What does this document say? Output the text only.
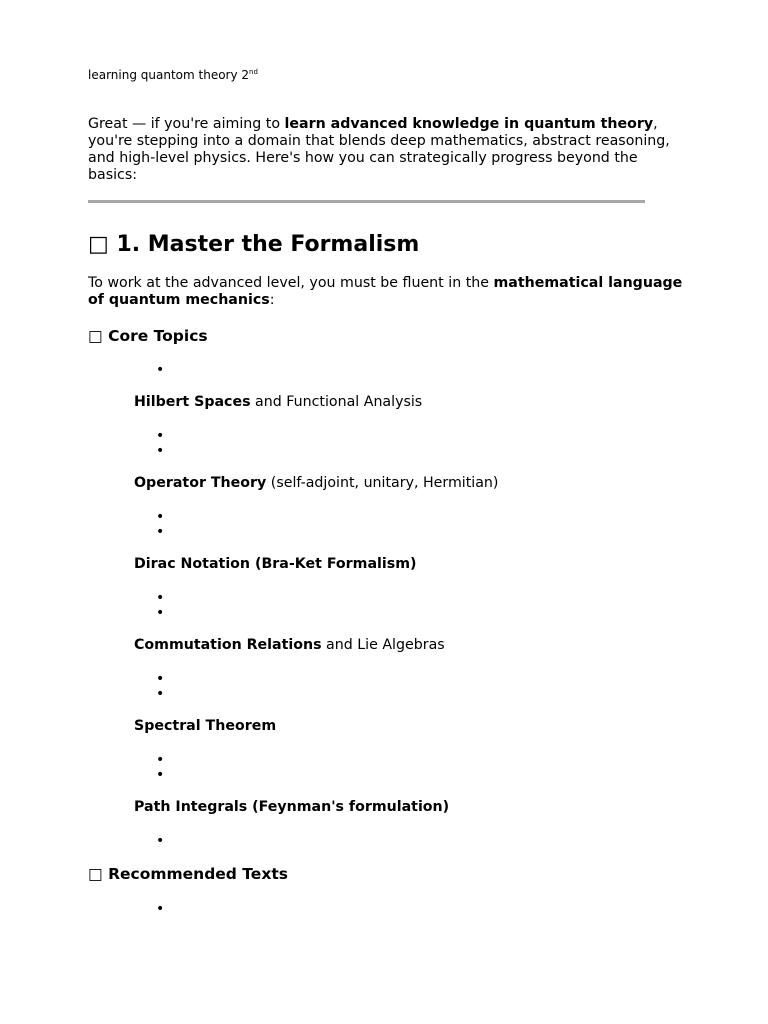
learning quantom theory 2nd

Great — if you're aiming to learn advanced knowledge in quantum theory, you're stepping into a domain that blends deep mathematics, abstract reasoning, and high-level physics. Here's how you can strategically progress beyond the basics:

□ 1. Master the Formalism

To work at the advanced level, you must be fluent in the mathematical language of quantum mechanics:

□ Core Topics
•
Hilbert Spaces and Functional Analysis
•
•
Operator Theory (self-adjoint, unitary, Hermitian)
•
•
Dirac Notation (Bra-Ket Formalism)
•
•
Commutation Relations and Lie Algebras
•
•
Spectral Theorem
•
•
Path Integrals (Feynman's formulation)
•
□ Recommended Texts
•
